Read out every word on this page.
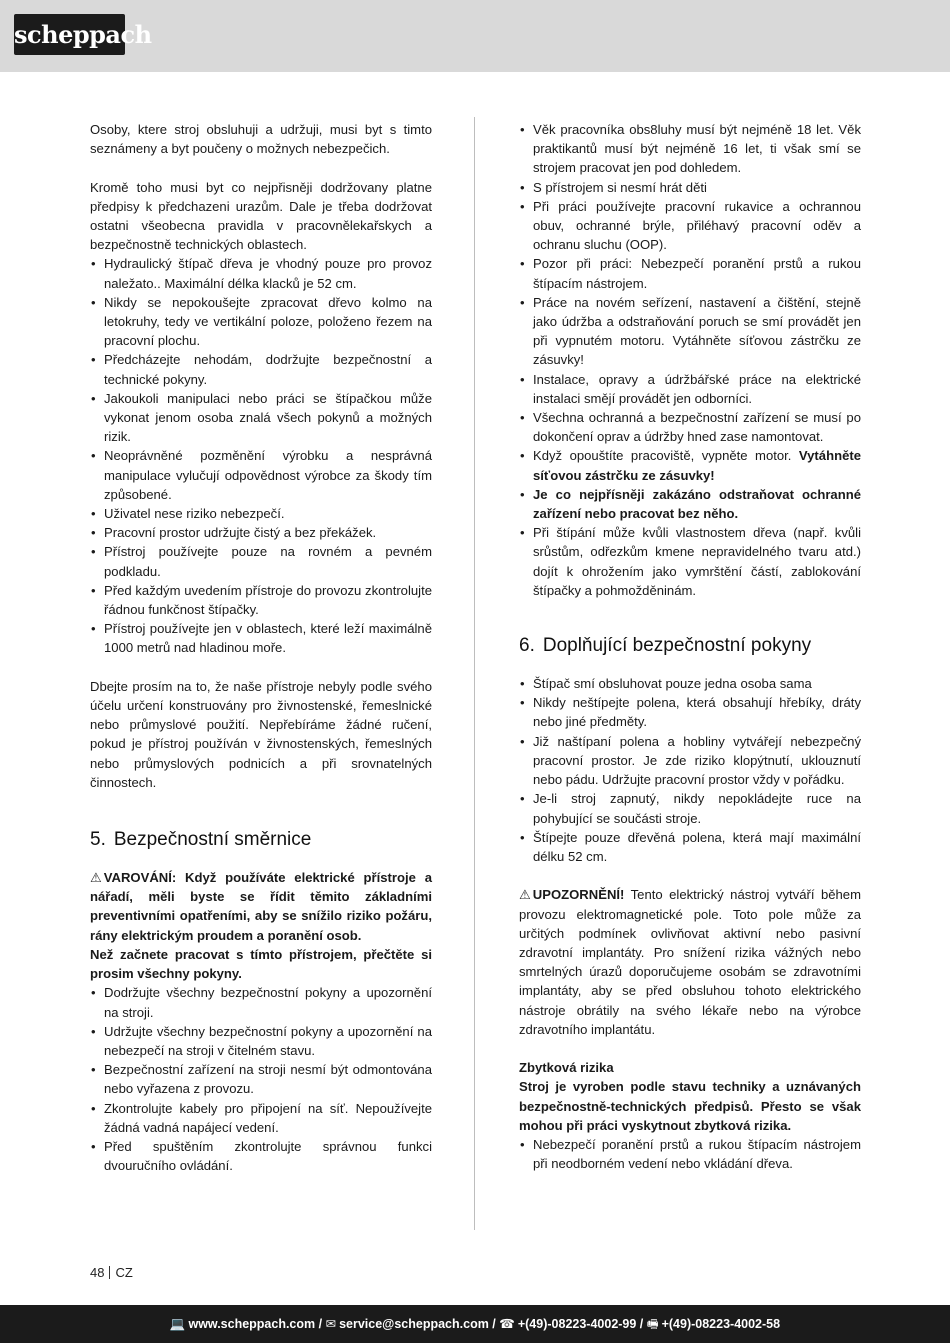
scheppach

Osoby, ktere stroj obsluhuji a udržuji, musi byt s timto seznámeny a byt poučeny o možnych nebezpečich.

Kromě toho musi byt co nejpřisněji dodržovany platne předpisy k předchazeni urazům. Dale je třeba dodržovat ostatni všeobecna pravidla v pracovnělekařskych a bezpečnostně technických oblastech.

• Hydraulický štípač dřeva je vhodný pouze pro provoz naležato.. Maximální délka klacků je 52 cm.
• Nikdy se nepokoušejte zpracovat dřevo kolmo na letokruhy, tedy ve vertikální poloze, položeno řezem na pracovní plochu.
• Předcházejte nehodám, dodržujte bezpečnostní a technické pokyny.
• Jakoukoli manipulaci nebo práci se štípačkou může vykonat jenom osoba znalá všech pokynů a možných rizik.
• Neoprávněné pozměnění výrobku a nesprávná manipulace vylučují odpovědnost výrobce za škody tím způsobené.
• Uživatel nese riziko nebezpečí.
• Pracovní prostor udržujte čistý a bez překážek.
• Přístroj používejte pouze na rovném a pevném podkladu.
• Před každým uvedením přístroje do provozu zkontrolujte řádnou funkčnost štípačky.
• Přístroj používejte jen v oblastech, které leží maximálně 1000 metrů nad hladinou moře.

Dbejte prosím na to, že naše přístroje nebyly podle svého účelu určení konstruovány pro živnostenské, řemeslnické nebo průmyslové použití. Nepřebíráme žádné ručení, pokud je přístroj používán v živnostenských, řemeslných nebo průmyslových podnicích a při srovnatelných činnostech.

5. Bezpečnostní směrnice

⚠ VAROVÁNÍ: Když používáte elektrické přístroje a nářadí, měli byste se řídit těmito základními preventivními opatřeními, aby se snížilo riziko požáru, rány elektrickým proudem a poranění osob.

Než začnete pracovat s tímto přístrojem, přečtěte si prosim všechny pokyny.

• Dodržujte všechny bezpečnostní pokyny a upozornění na stroji.
• Udržujte všechny bezpečnostní pokyny a upozornění na nebezpečí na stroji v čitelném stavu.
• Bezpečnostní zařízení na stroji nesmí být odmontována nebo vyřazena z provozu.
• Zkontrolujte kabely pro připojení na síť. Nepoužívejte žádná vadná napájecí vedení.
• Před spuštěním zkontrolujte správnou funkci dvouručního ovládání.
• Věk pracovníka obs8luhy musí být nejméně 18 let. Věk praktikantů musí být nejméně 16 let, ti však smí se strojem pracovat jen pod dohledem.
• S přístrojem si nesmí hrát děti
• Při práci používejte pracovní rukavice a ochrannou obuv, ochranné brýle, přiléhavý pracovní oděv a ochranu sluchu (OOP).
• Pozor při práci: Nebezpečí poranění prstů a rukou štípacím nástrojem.
• Práce na novém seřízení, nastavení a čištění, stejně jako údržba a odstraňování poruch se smí provádět jen při vypnutém motoru. Vytáhněte síťovou zástrčku ze zásuvky!
• Instalace, opravy a údržbářské práce na elektrické instalaci smějí provádět jen odborníci.
• Všechna ochranná a bezpečnostní zařízení se musí po dokončení oprav a údržby hned zase namontovat.
• Když opouštíte pracoviště, vypněte motor. Vytáhněte síťovou zástrčku ze zásuvky!
• Je co nejpřísněji zakázáno odstraňovat ochranné zařízení nebo pracovat bez něho.
• Při štípání může kvůli vlastnostem dřeva (např. kvůli srůstům, odřezkům kmene nepravidelného tvaru atd.) dojít k ohrožením jako vymrštění částí, zablokování štípačky a pohmožděninám.
6. Doplňující bezpečnostní pokyny
• Štípač smí obsluhovat pouze jedna osoba sama
• Nikdy neštípejte polena, která obsahují hřebíky, dráty nebo jiné předměty.
• Již naštípaní polena a hobliny vytvářejí nebezpečný pracovní prostor. Je zde riziko klopýtnutí, uklouznutí nebo pádu. Udržujte pracovní prostor vždy v pořádku.
• Je-li stroj zapnutý, nikdy nepokládejte ruce na pohybující se součásti stroje.
• Štípejte pouze dřevěná polena, která mají maximální délku 52 cm.

⚠ UPOZORNĚNÍ! Tento elektrický nástroj vytváří během provozu elektromagnetické pole. Toto pole může za určitých podmínek ovlivňovat aktivní nebo pasivní zdravotní implantáty. Pro snížení rizika vážných nebo smrtelných úrazů doporučujeme osobám se zdravotními implantáty, aby se před obsluhou tohoto elektrického nástroje obrátily na svého lékaře nebo na výrobce zdravotního implantátu.

Zbytková rizika

Stroj je vyroben podle stavu techniky a uznávaných bezpečnostně-technických předpisů. Přesto se však mohou při práci vyskytnout zbytková rizika.

• Nebezpečí poranění prstů a rukou štípacím nástrojem při neodborném vedení nebo vkládání dřeva.
48 CZ
💻 www.scheppach.com / ✉ service@scheppach.com / ☎ +(49)-08223-4002-99 / 🖷 +(49)-08223-4002-58
